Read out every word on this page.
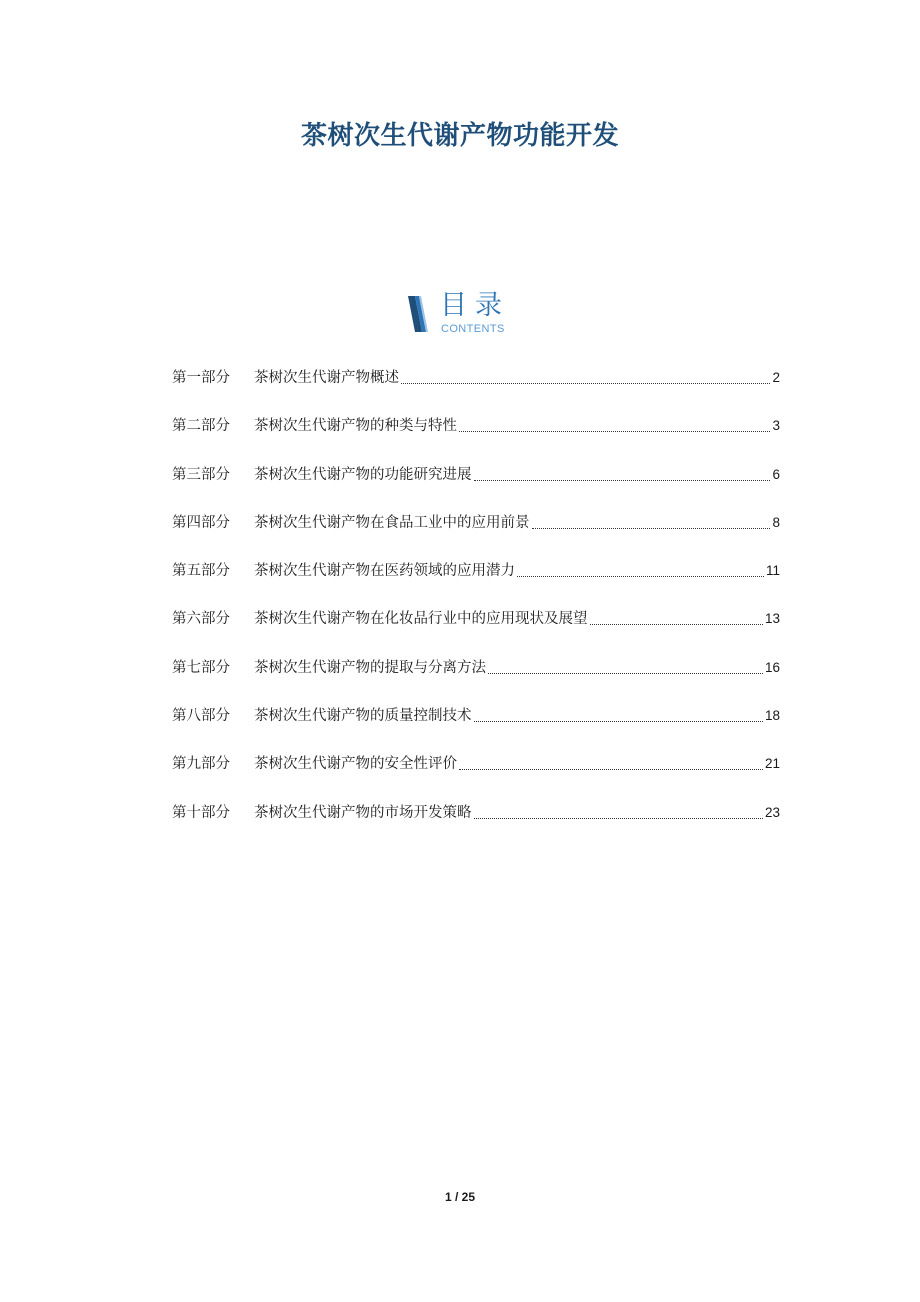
茶树次生代谢产物功能开发
目录
CONTENTS
第一部分	茶树次生代谢产物概述	2
第二部分	茶树次生代谢产物的种类与特性	3
第三部分	茶树次生代谢产物的功能研究进展	6
第四部分	茶树次生代谢产物在食品工业中的应用前景	8
第五部分	茶树次生代谢产物在医药领域的应用潜力	11
第六部分	茶树次生代谢产物在化妆品行业中的应用现状及展望	13
第七部分	茶树次生代谢产物的提取与分离方法	16
第八部分	茶树次生代谢产物的质量控制技术	18
第九部分	茶树次生代谢产物的安全性评价	21
第十部分	茶树次生代谢产物的市场开发策略	23
1 / 25
